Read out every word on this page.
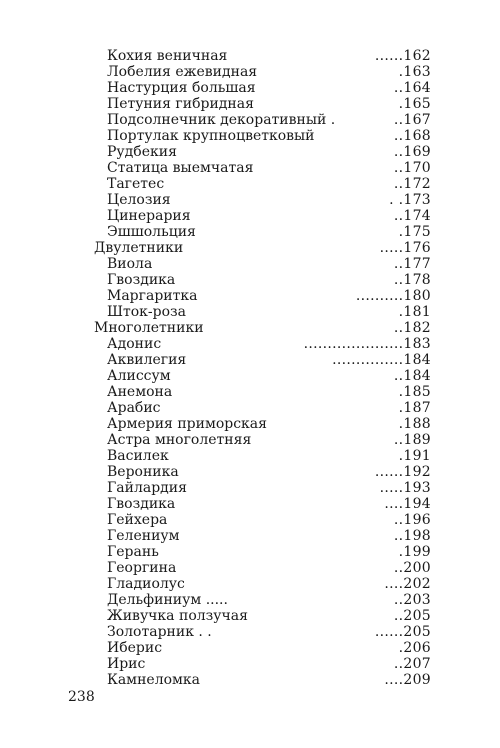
Кохия веничная	......162
Лобелия ежевидная	.163
Настурция большая	..164
Петуния гибридная	.165
Подсолнечник декоративный .	..167
Портулак крупноцветковый	..168
Рудбекия	..169
Статица выемчатая	..170
Тагетес	..172
Целозия	. .173
Цинерария	..174
Эшшольция	.175
Двулетники	.....176
Виола	..177
Гвоздика	..178
Маргаритка	..........180
Шток-роза	.181
Многолетники	..182
Адонис	.....................183
Аквилегия	...............184
Алиссум	..184
Анемона	.185
Арабис	.187
Армерия приморская	.188
Астра многолетняя	..189
Василек	.191
Вероника	......192
Гайлардия	.....193
Гвоздика	....194
Гейхера	..196
Гелениум	..198
Герань	.199
Георгина	..200
Гладиолус	....202
Дельфиниум .....	..203
Живучка ползучая	..205
Золотарник . .	......205
Иберис	.206
Ирис	..207
Камнеломка	....209
238
